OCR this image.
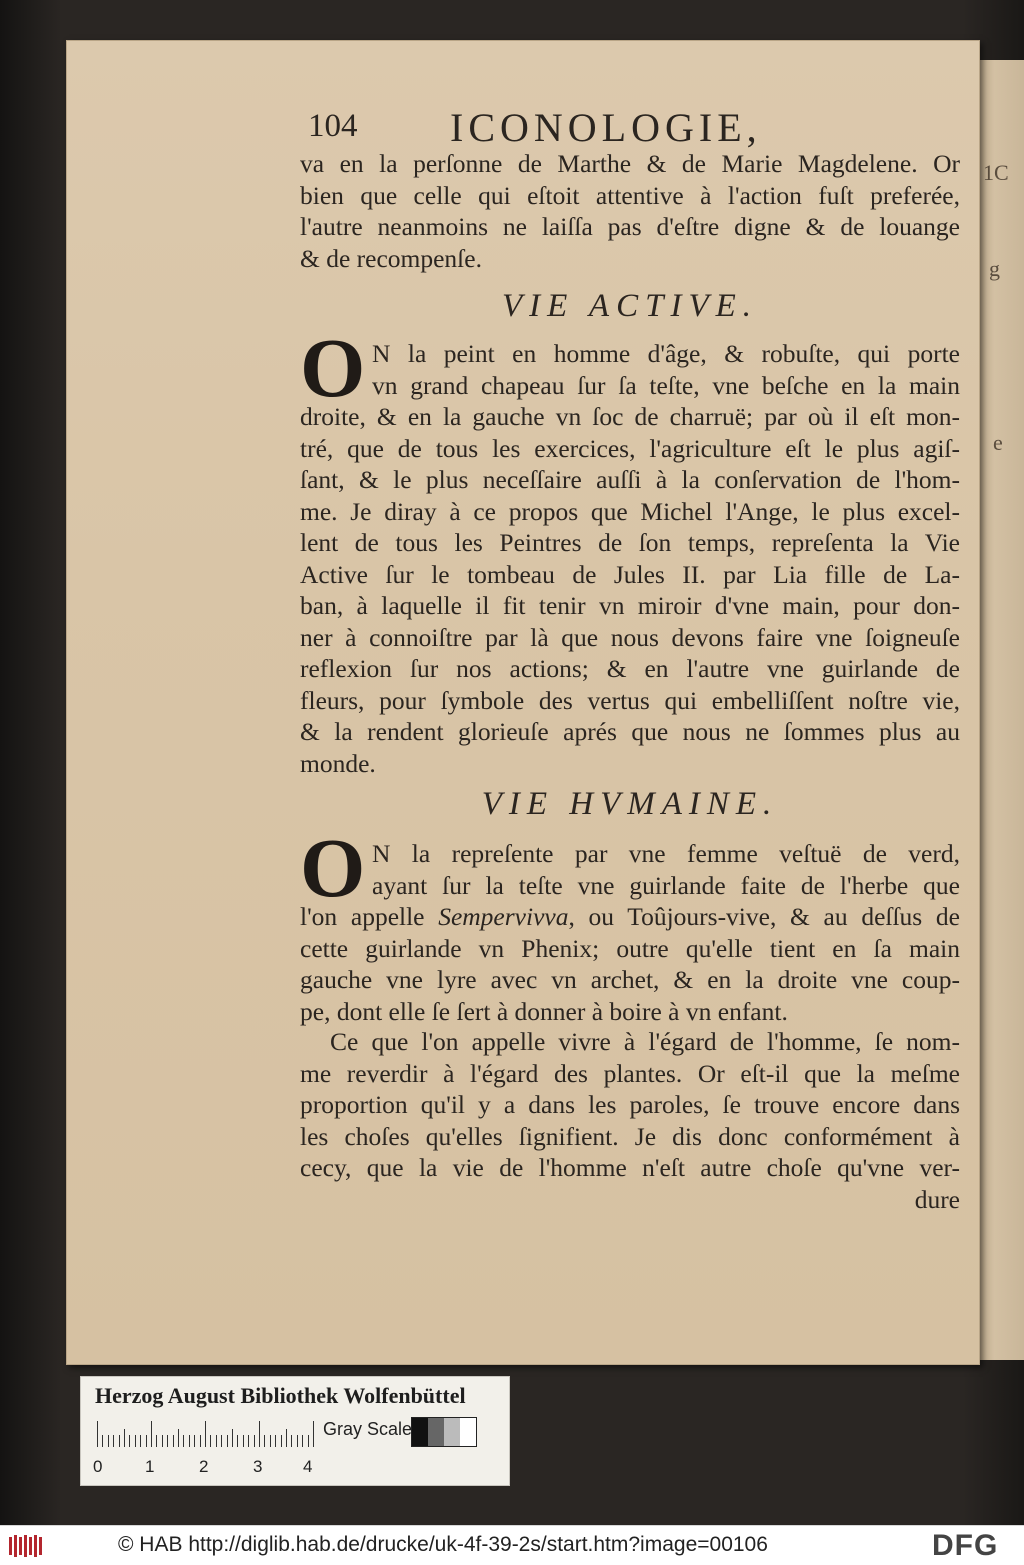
1C
g
e
104 ICONOLOGIE,
va en la perſonne de Marthe & de Marie Magdelene. Or
bien que celle qui eſtoit attentive à l'action fuſt preferée,
l'autre neanmoins ne laiſſa pas d'eſtre digne & de louange
& de recompenſe.
VIE ACTIVE.
O N la peint en homme d'âge, & robuſte, qui porte
vn grand chapeau ſur ſa teſte, vne beſche en la main
droite, & en la gauche vn ſoc de charruë; par où il eſt mon-
tré, que de tous les exercices, l'agriculture eſt le plus agiſ-
ſant, & le plus neceſſaire auſſi à la conſervation de l'hom-
me. Je diray à ce propos que Michel l'Ange, le plus excel-
lent de tous les Peintres de ſon temps, repreſenta la Vie
Active ſur le tombeau de Jules II. par Lia fille de La-
ban, à laquelle il fit tenir vn miroir d'vne main, pour don-
ner à connoiſtre par là que nous devons faire vne ſoigneuſe
reflexion ſur nos actions; & en l'autre vne guirlande de
fleurs, pour ſymbole des vertus qui embelliſſent noſtre vie,
& la rendent glorieuſe aprés que nous ne ſommes plus au
monde.
VIE HVMAINE.
O N la repreſente par vne femme veſtuë de verd,
ayant ſur la teſte vne guirlande faite de l'herbe que
l'on appelle Sempervivva, ou Toûjours-vive, & au deſſus de
cette guirlande vn Phenix; outre qu'elle tient en ſa main
gauche vne lyre avec vn archet, & en la droite vne coup-
pe, dont elle ſe ſert à donner à boire à vn enfant.
Ce que l'on appelle vivre à l'égard de l'homme, ſe nom-
me reverdir à l'égard des plantes. Or eſt-il que la meſme
proportion qu'il y a dans les paroles, ſe trouve encore dans
les choſes qu'elles ſignifient. Je dis donc conformément à
cecy, que la vie de l'homme n'eſt autre choſe qu'vne ver-
dure
Herzog August Bibliothek Wolfenbüttel
0	1	2	3 4
Gray Scale
© HAB http://diglib.hab.de/drucke/uk-4f-39-2s/start.htm?image=00106	DFG
